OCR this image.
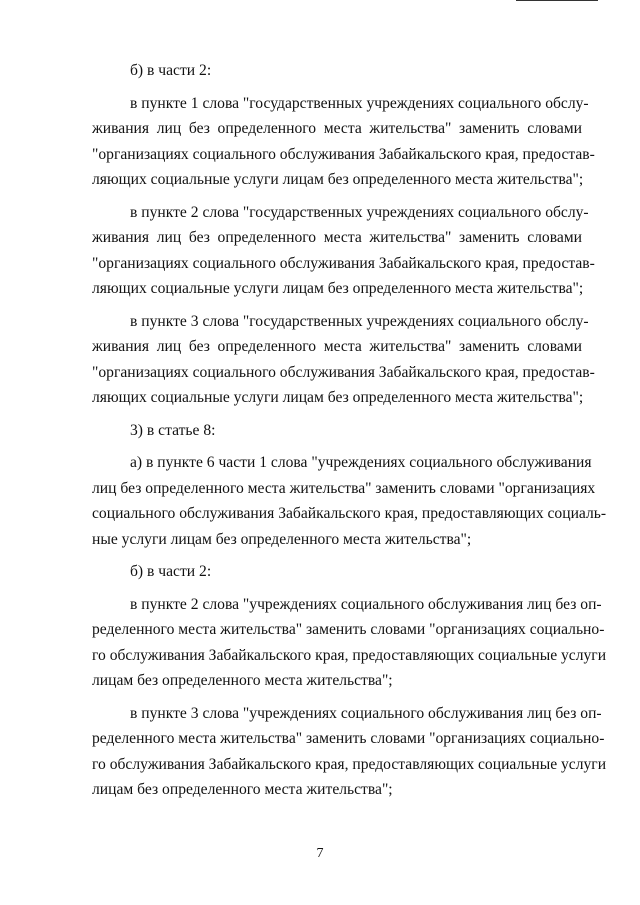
б) в части 2:

в пункте 1 слова "государственных учреждениях социального обслу-
живания лиц без определенного места жительства" заменить словами
"организациях социального обслуживания Забайкальского края, предостав-
ляющих социальные услуги лицам без определенного места жительства";

в пункте 2 слова "государственных учреждениях социального обслу-
живания лиц без определенного места жительства" заменить словами
"организациях социального обслуживания Забайкальского края, предостав-
ляющих социальные услуги лицам без определенного места жительства";

в пункте 3 слова "государственных учреждениях социального обслу-
живания лиц без определенного места жительства" заменить словами
"организациях социального обслуживания Забайкальского края, предостав-
ляющих социальные услуги лицам без определенного места жительства";

3) в статье 8:

а) в пункте 6 части 1 слова "учреждениях социального обслуживания
лиц без определенного места жительства" заменить словами "организациях
социального обслуживания Забайкальского края, предоставляющих социаль-
ные услуги лицам без определенного места жительства";

б) в части 2:

в пункте 2 слова "учреждениях социального обслуживания лиц без оп-
ределенного места жительства" заменить словами "организациях социально-
го обслуживания Забайкальского края, предоставляющих социальные услуги
лицам без определенного места жительства";

в пункте 3 слова "учреждениях социального обслуживания лиц без оп-
ределенного места жительства" заменить словами "организациях социально-
го обслуживания Забайкальского края, предоставляющих социальные услуги
лицам без определенного места жительства";

7
